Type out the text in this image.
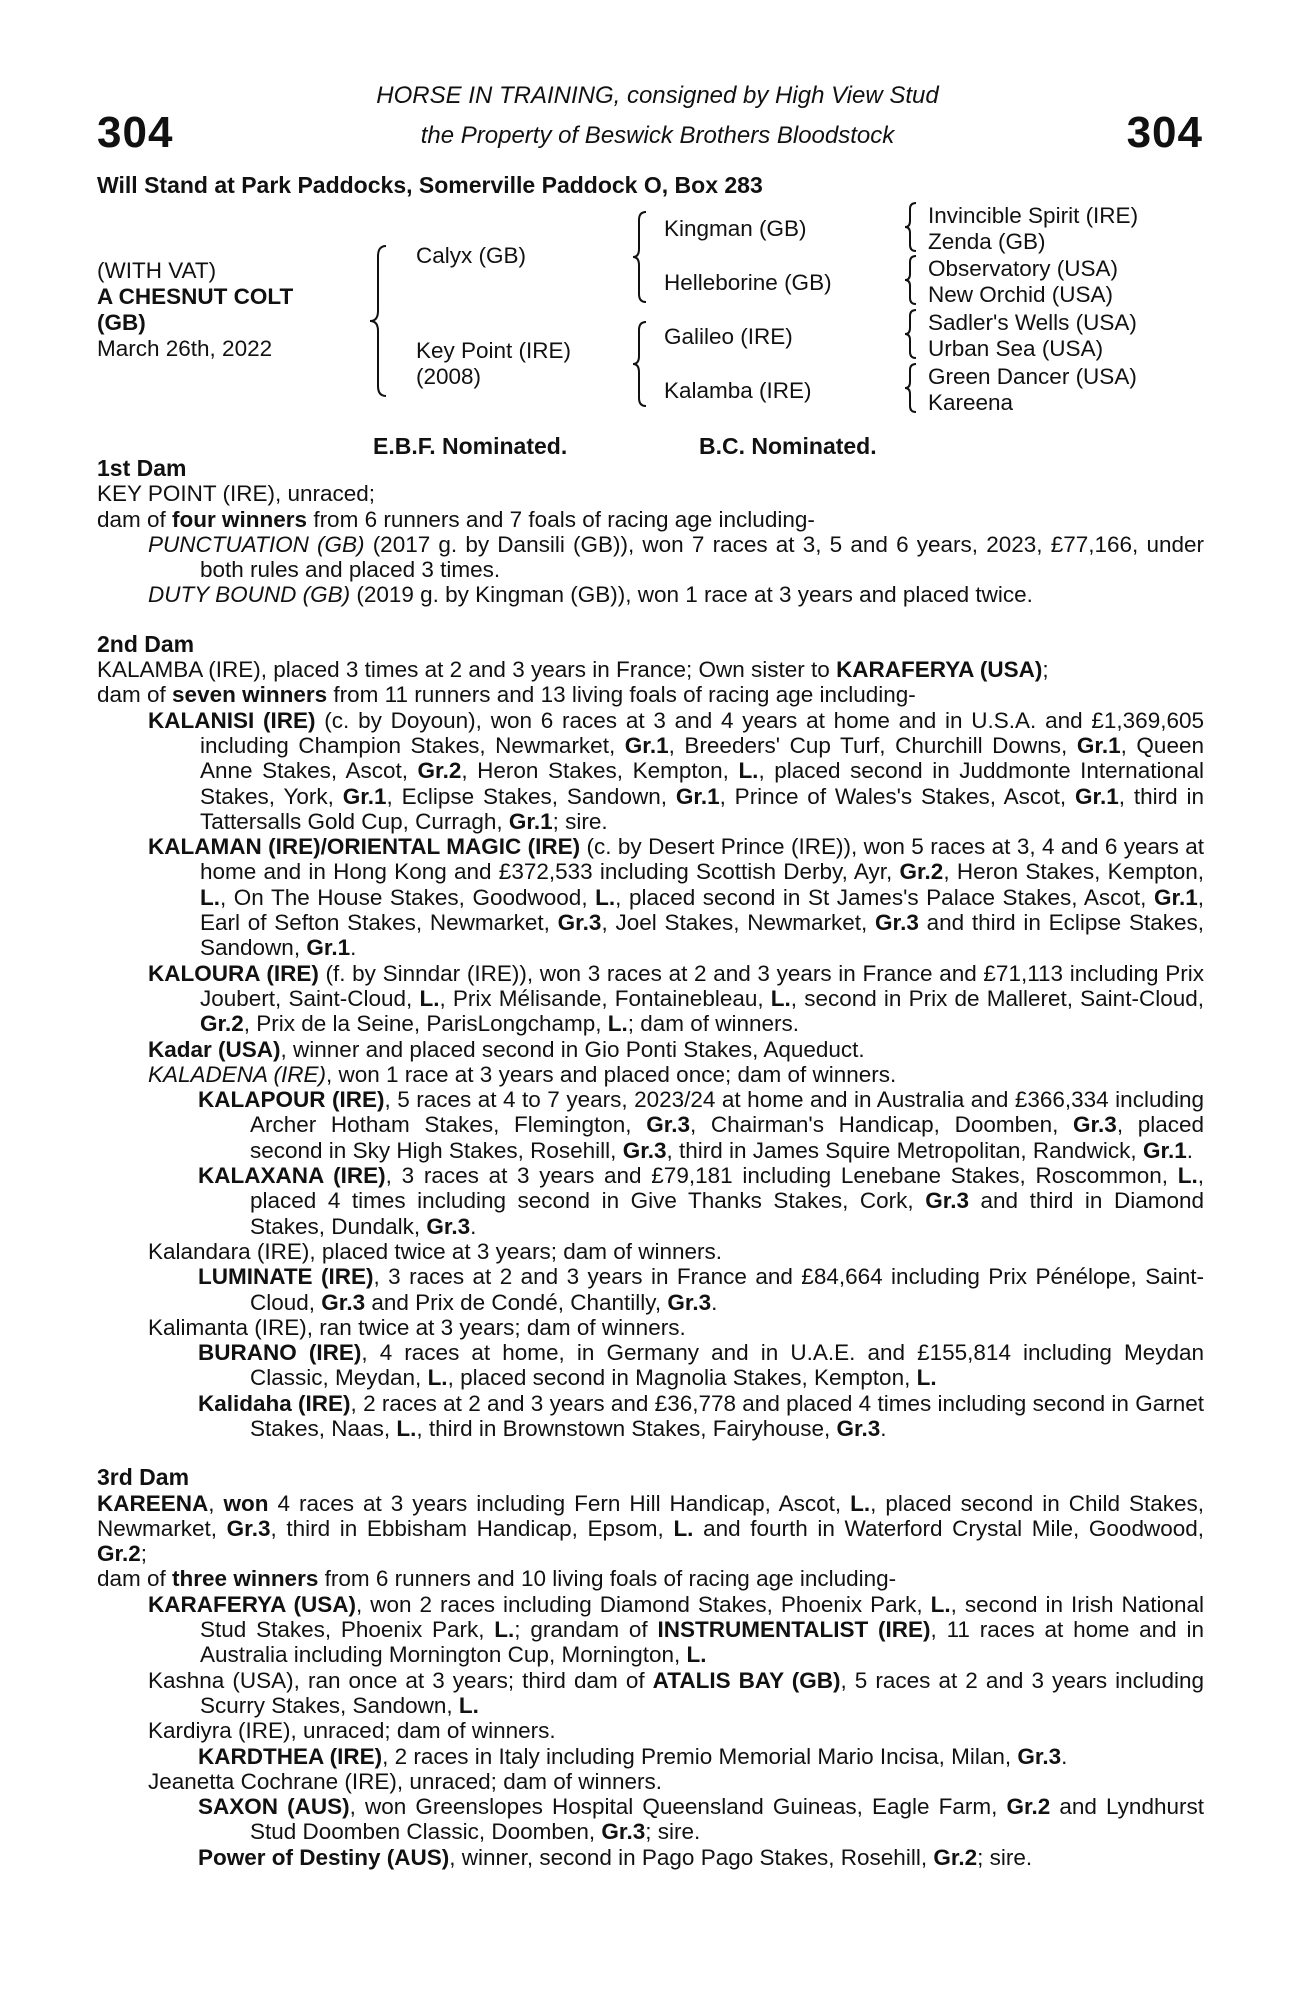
304	304
HORSE IN TRAINING, consigned by High View Stud
the Property of Beswick Brothers Bloodstock
Will Stand at Park Paddocks, Somerville Paddock O, Box 283
(WITH VAT)
A CHESNUT COLT
(GB)
March 26th, 2022
Calyx (GB)
Key Point (IRE)
(2008)
Kingman (GB)
Helleborine (GB)
Galileo (IRE)
Kalamba (IRE)
Invincible Spirit (IRE)
Zenda (GB)
Observatory (USA)
New Orchid (USA)
Sadler's Wells (USA)
Urban Sea (USA)
Green Dancer (USA)
Kareena
E.B.F. Nominated.	B.C. Nominated.

1st Dam

KEY POINT (IRE), unraced;

dam of four winners from 6 runners and 7 foals of racing age including-

PUNCTUATION (GB) (2017 g. by Dansili (GB)), won 7 races at 3, 5 and 6 years, 2023, £77,166, under both rules and placed 3 times.

DUTY BOUND (GB) (2019 g. by Kingman (GB)), won 1 race at 3 years and placed twice.

2nd Dam

KALAMBA (IRE), placed 3 times at 2 and 3 years in France; Own sister to KARAFERYA (USA);

dam of seven winners from 11 runners and 13 living foals of racing age including-

KALANISI (IRE) (c. by Doyoun), won 6 races at 3 and 4 years at home and in U.S.A. and £1,369,605 including Champion Stakes, Newmarket, Gr.1, Breeders' Cup Turf, Churchill Downs, Gr.1, Queen Anne Stakes, Ascot, Gr.2, Heron Stakes, Kempton, L., placed second in Juddmonte International Stakes, York, Gr.1, Eclipse Stakes, Sandown, Gr.1, Prince of Wales's Stakes, Ascot, Gr.1, third in Tattersalls Gold Cup, Curragh, Gr.1; sire.

KALAMAN (IRE)/ORIENTAL MAGIC (IRE) (c. by Desert Prince (IRE)), won 5 races at 3, 4 and 6 years at home and in Hong Kong and £372,533 including Scottish Derby, Ayr, Gr.2, Heron Stakes, Kempton, L., On The House Stakes, Goodwood, L., placed second in St James's Palace Stakes, Ascot, Gr.1, Earl of Sefton Stakes, Newmarket, Gr.3, Joel Stakes, Newmarket, Gr.3 and third in Eclipse Stakes, Sandown, Gr.1.

KALOURA (IRE) (f. by Sinndar (IRE)), won 3 races at 2 and 3 years in France and £71,113 including Prix Joubert, Saint-Cloud, L., Prix Mélisande, Fontainebleau, L., second in Prix de Malleret, Saint-Cloud, Gr.2, Prix de la Seine, ParisLongchamp, L.; dam of winners.

Kadar (USA), winner and placed second in Gio Ponti Stakes, Aqueduct.

KALADENA (IRE), won 1 race at 3 years and placed once; dam of winners.

KALAPOUR (IRE), 5 races at 4 to 7 years, 2023/24 at home and in Australia and £366,334 including Archer Hotham Stakes, Flemington, Gr.3, Chairman's Handicap, Doomben, Gr.3, placed second in Sky High Stakes, Rosehill, Gr.3, third in James Squire Metropolitan, Randwick, Gr.1.

KALAXANA (IRE), 3 races at 3 years and £79,181 including Lenebane Stakes, Roscommon, L., placed 4 times including second in Give Thanks Stakes, Cork, Gr.3 and third in Diamond Stakes, Dundalk, Gr.3.

Kalandara (IRE), placed twice at 3 years; dam of winners.

LUMINATE (IRE), 3 races at 2 and 3 years in France and £84,664 including Prix Pénélope, Saint-Cloud, Gr.3 and Prix de Condé, Chantilly, Gr.3.

Kalimanta (IRE), ran twice at 3 years; dam of winners.

BURANO (IRE), 4 races at home, in Germany and in U.A.E. and £155,814 including Meydan Classic, Meydan, L., placed second in Magnolia Stakes, Kempton, L.

Kalidaha (IRE), 2 races at 2 and 3 years and £36,778 and placed 4 times including second in Garnet Stakes, Naas, L., third in Brownstown Stakes, Fairyhouse, Gr.3.

3rd Dam

KAREENA, won 4 races at 3 years including Fern Hill Handicap, Ascot, L., placed second in Child Stakes, Newmarket, Gr.3, third in Ebbisham Handicap, Epsom, L. and fourth in Waterford Crystal Mile, Goodwood, Gr.2;

dam of three winners from 6 runners and 10 living foals of racing age including-

KARAFERYA (USA), won 2 races including Diamond Stakes, Phoenix Park, L., second in Irish National Stud Stakes, Phoenix Park, L.; grandam of INSTRUMENTALIST (IRE), 11 races at home and in Australia including Mornington Cup, Mornington, L.

Kashna (USA), ran once at 3 years; third dam of ATALIS BAY (GB), 5 races at 2 and 3 years including Scurry Stakes, Sandown, L.

Kardiyra (IRE), unraced; dam of winners.

KARDTHEA (IRE), 2 races in Italy including Premio Memorial Mario Incisa, Milan, Gr.3.

Jeanetta Cochrane (IRE), unraced; dam of winners.

SAXON (AUS), won Greenslopes Hospital Queensland Guineas, Eagle Farm, Gr.2 and Lyndhurst Stud Doomben Classic, Doomben, Gr.3; sire.

Power of Destiny (AUS), winner, second in Pago Pago Stakes, Rosehill, Gr.2; sire.
